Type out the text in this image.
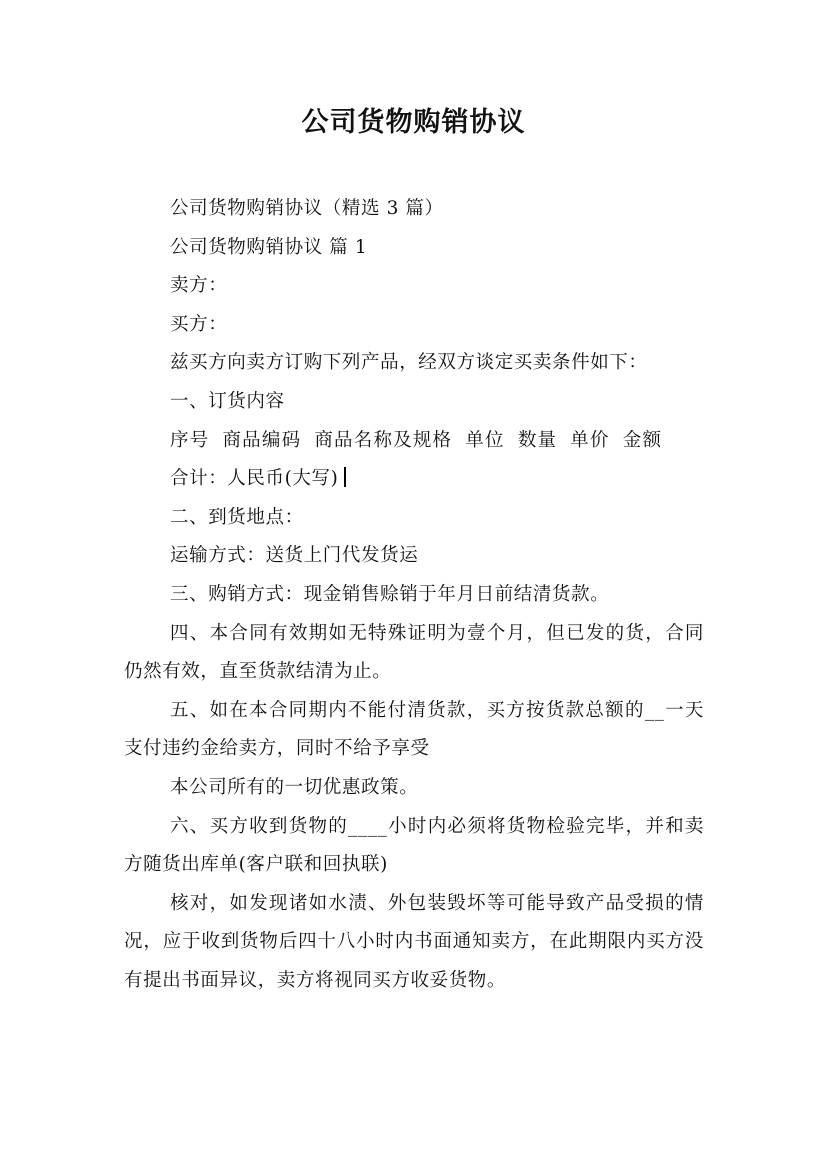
公司货物购销协议

公司货物购销协议（精选 3 篇）

公司货物购销协议 篇 1

卖方：

买方：

兹买方向卖方订购下列产品，经双方谈定买卖条件如下：

一、订货内容

序号 商品编码 商品名称及规格 单位 数量 单价 金额

合计：人民币(大写)

二、到货地点：

运输方式：送货上门代发货运

三、购销方式：现金销售赊销于年月日前结清货款。

四、本合同有效期如无特殊证明为壹个月，但已发的货，合同仍然有效，直至货款结清为止。

五、如在本合同期内不能付清货款，买方按货款总额的__一天支付违约金给卖方，同时不给予享受

本公司所有的一切优惠政策。

六、买方收到货物的____小时内必须将货物检验完毕，并和卖方随货出库单(客户联和回执联)

核对，如发现诸如水渍、外包装毁坏等可能导致产品受损的情况，应于收到货物后四十八小时内书面通知卖方，在此期限内买方没有提出书面异议，卖方将视同买方收妥货物。
